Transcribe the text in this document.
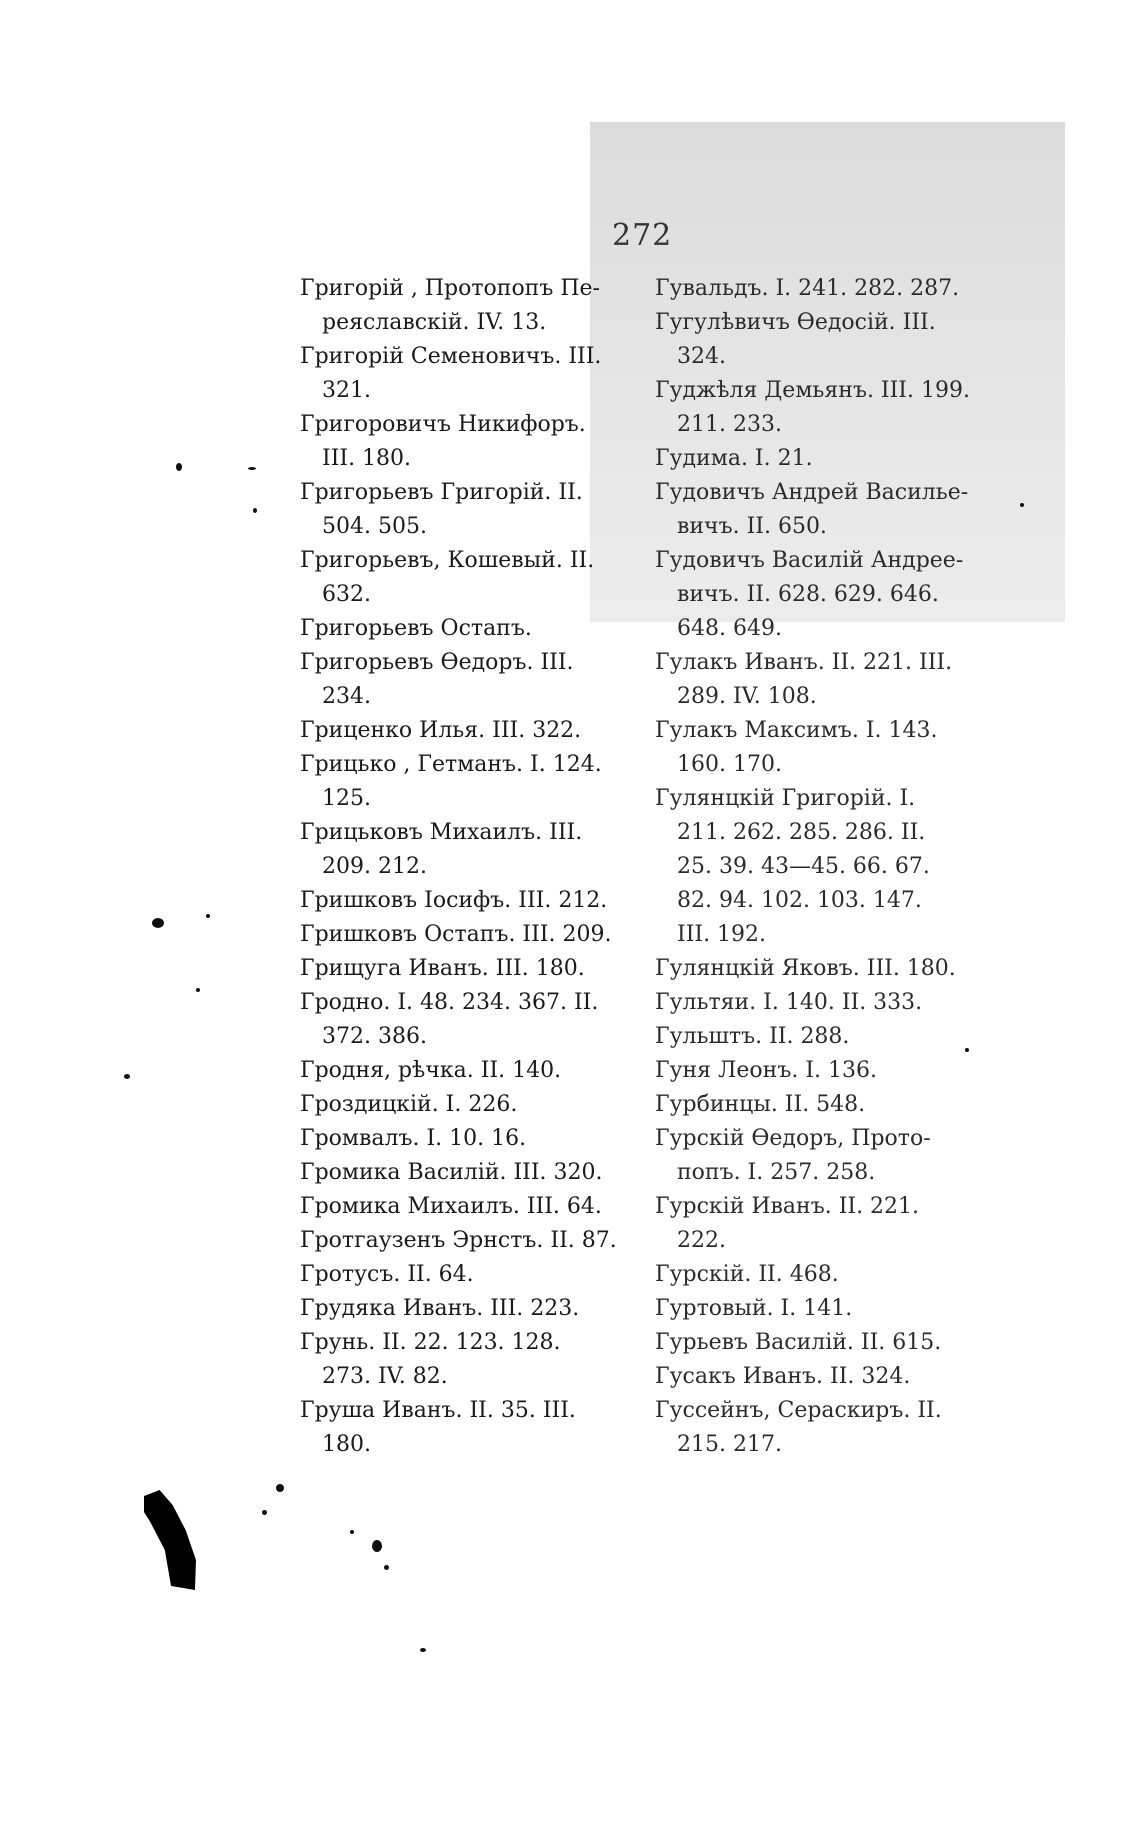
272

Григорій , Протопопъ Пе-
реяславскій. IV. 13.

Григорій Семеновичъ. III.
321.

Григоровичъ Никифоръ.
III. 180.

Григорьевъ Григорій. II.
504. 505.

Григорьевъ, Кошевый. II.
632.

Григорьевъ Остапъ.

Григорьевъ Өедоръ. III.
234.

Гриценко Илья. III. 322.

Грицько , Гетманъ. I. 124.
125.

Грицьковъ Михаилъ. III.
209. 212.

Гришковъ Іосифъ. III. 212.

Гришковъ Остапъ. III. 209.

Грищуга Иванъ. III. 180.

Гродно. I. 48. 234. 367. II.
372. 386.

Гродня, рѣчка. II. 140.

Гроздицкій. I. 226.

Громвалъ. I. 10. 16.

Громика Василій. III. 320.

Громика Михаилъ. III. 64.

Гротгаузенъ Эрнстъ. II. 87.

Гротусъ. II. 64.

Грудяка Иванъ. III. 223.

Грунь. II. 22. 123. 128.
273. IV. 82.

Груша Иванъ. II. 35. III.
180.

Гувальдъ. I. 241. 282. 287.

Гугулѣвичъ Өедосій. III.
324.

Гуджѣля Демьянъ. III. 199.
211. 233.

Гудима. I. 21.

Гудовичъ Андрей Василье-
вичъ. II. 650.

Гудовичъ Василій Андрее-
вичъ. II. 628. 629. 646.
648. 649.

Гулакъ Иванъ. II. 221. III.
289. IV. 108.

Гулакъ Максимъ. I. 143.
160. 170.

Гулянцкій Григорій. I.
211. 262. 285. 286. II.
25. 39. 43—45. 66. 67.
82. 94. 102. 103. 147.
III. 192.

Гулянцкій Яковъ. III. 180.

Гультяи. I. 140. II. 333.

Гульштъ. II. 288.

Гуня Леонъ. I. 136.

Гурбинцы. II. 548.

Гурскій Өедоръ, Прото-
попъ. I. 257. 258.

Гурскій Иванъ. II. 221.
222.

Гурскій. II. 468.

Гуртовый. I. 141.

Гурьевъ Василій. II. 615.

Гусакъ Иванъ. II. 324.

Гуссейнъ, Сераскиръ. II.
215. 217.
